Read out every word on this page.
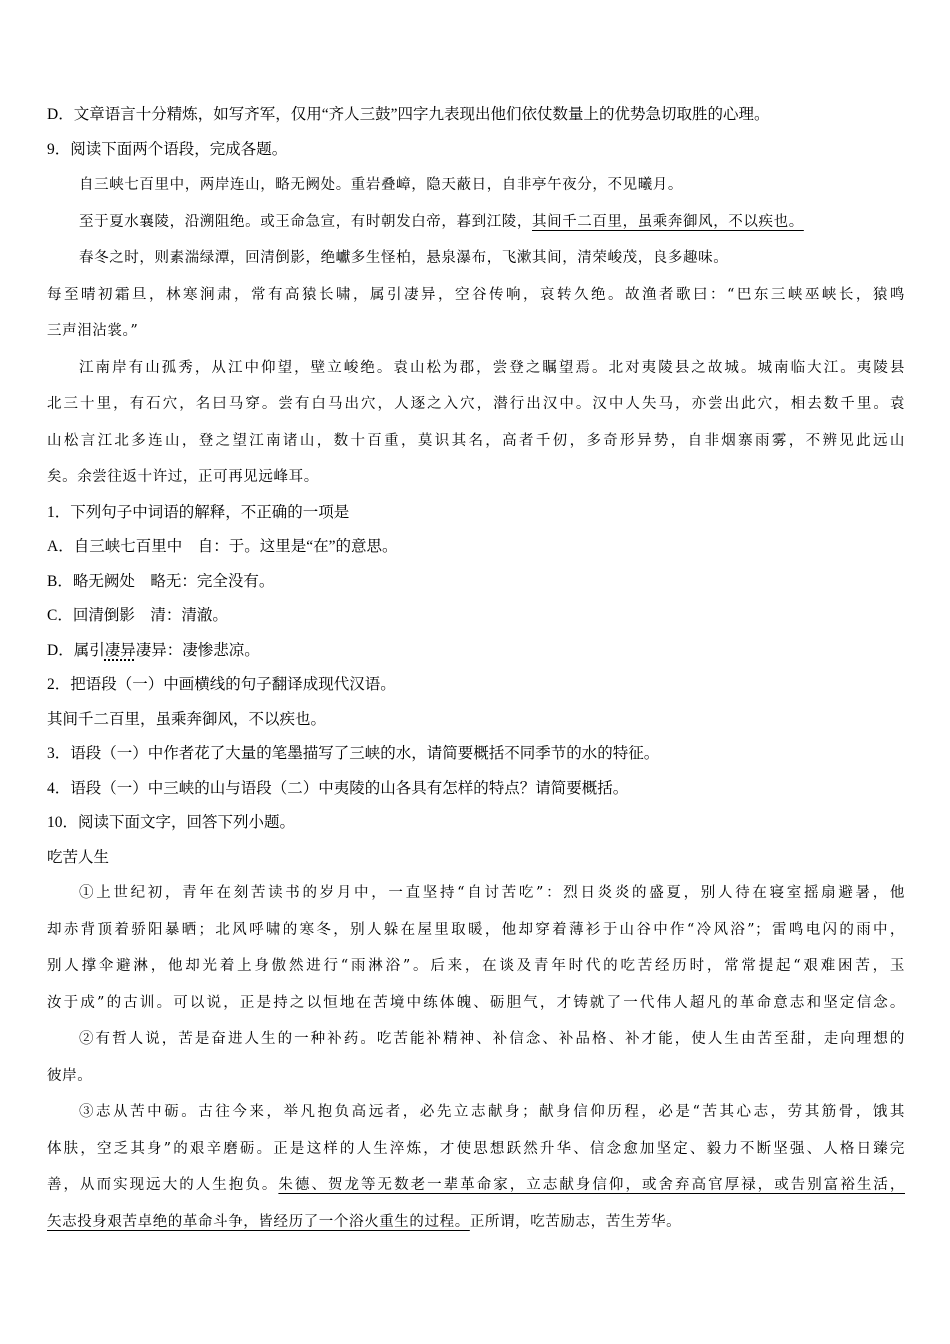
D．文章语言十分精炼，如写齐军，仅用“齐人三鼓”四字九表现出他们依仗数量上的优势急切取胜的心理。
9．阅读下面两个语段，完成各题。
自三峡七百里中，两岸连山，略无阙处。重岩叠嶂，隐天蔽日，自非亭午夜分，不见曦月。
至于夏水襄陵，沿溯阻绝。或王命急宣，有时朝发白帝，暮到江陵，其间千二百里，虽乘奔御风，不以疾也。
春冬之时，则素湍绿潭，回清倒影，绝巘多生怪柏，悬泉瀑布，飞漱其间，清荣峻茂，良多趣味。
每至晴初霜旦，林寒涧肃，常有高猿长啸，属引凄异，空谷传响，哀转久绝。故渔者歌曰：“巴东三峡巫峡长，猿鸣
三声泪沾裳。”
江南岸有山孤秀，从江中仰望，壁立峻绝。袁山松为郡，尝登之瞩望焉。北对夷陵县之故城。城南临大江。夷陵县
北三十里，有石穴，名曰马穿。尝有白马出穴，人逐之入穴，潜行出汉中。汉中人失马，亦尝出此穴，相去数千里。袁
山松言江北多连山，登之望江南诸山，数十百重，莫识其名，高者千仞，多奇形异势，自非烟寨雨雾，不辨见此远山
矣。余尝往返十许过，正可再见远峰耳。
1．下列句子中词语的解释，不正确的一项是
A．自三峡七百里中　自：于。这里是“在”的意思。
B．略无阙处　略无：完全没有。
C．回清倒影　清：清澈。
D．属引凄异凄异：凄惨悲凉。
2．把语段（一）中画横线的句子翻译成现代汉语。
其间千二百里，虽乘奔御风，不以疾也。
3．语段（一）中作者花了大量的笔墨描写了三峡的水，请简要概括不同季节的水的特征。
4．语段（一）中三峡的山与语段（二）中夷陵的山各具有怎样的特点？请简要概括。
10．阅读下面文字，回答下列小题。
吃苦人生
①上世纪初，青年在刻苦读书的岁月中，一直坚持“自讨苦吃”：烈日炎炎的盛夏，别人待在寝室摇扇避暑，他
却赤背顶着骄阳暴晒；北风呼啸的寒冬，别人躲在屋里取暖，他却穿着薄衫于山谷中作“冷风浴”；雷鸣电闪的雨中，
别人撑伞避淋，他却光着上身傲然进行“雨淋浴”。后来，在谈及青年时代的吃苦经历时，常常提起“艰难困苦，玉
汝于成”的古训。可以说，正是持之以恒地在苦境中练体魄、砺胆气，才铸就了一代伟人超凡的革命意志和坚定信念。
②有哲人说，苦是奋进人生的一种补药。吃苦能补精神、补信念、补品格、补才能，使人生由苦至甜，走向理想的
彼岸。
③志从苦中砺。古往今来，举凡抱负高远者，必先立志献身；献身信仰历程，必是“苦其心志，劳其筋骨，饿其
体肤，空乏其身”的艰辛磨砺。正是这样的人生淬炼，才使思想跃然升华、信念愈加坚定、毅力不断坚强、人格日臻完
善，从而实现远大的人生抱负。朱德、贺龙等无数老一辈革命家，立志献身信仰，或舍弃高官厚禄，或告别富裕生活，
矢志投身艰苦卓绝的革命斗争，皆经历了一个浴火重生的过程。正所谓，吃苦励志，苦生芳华。
